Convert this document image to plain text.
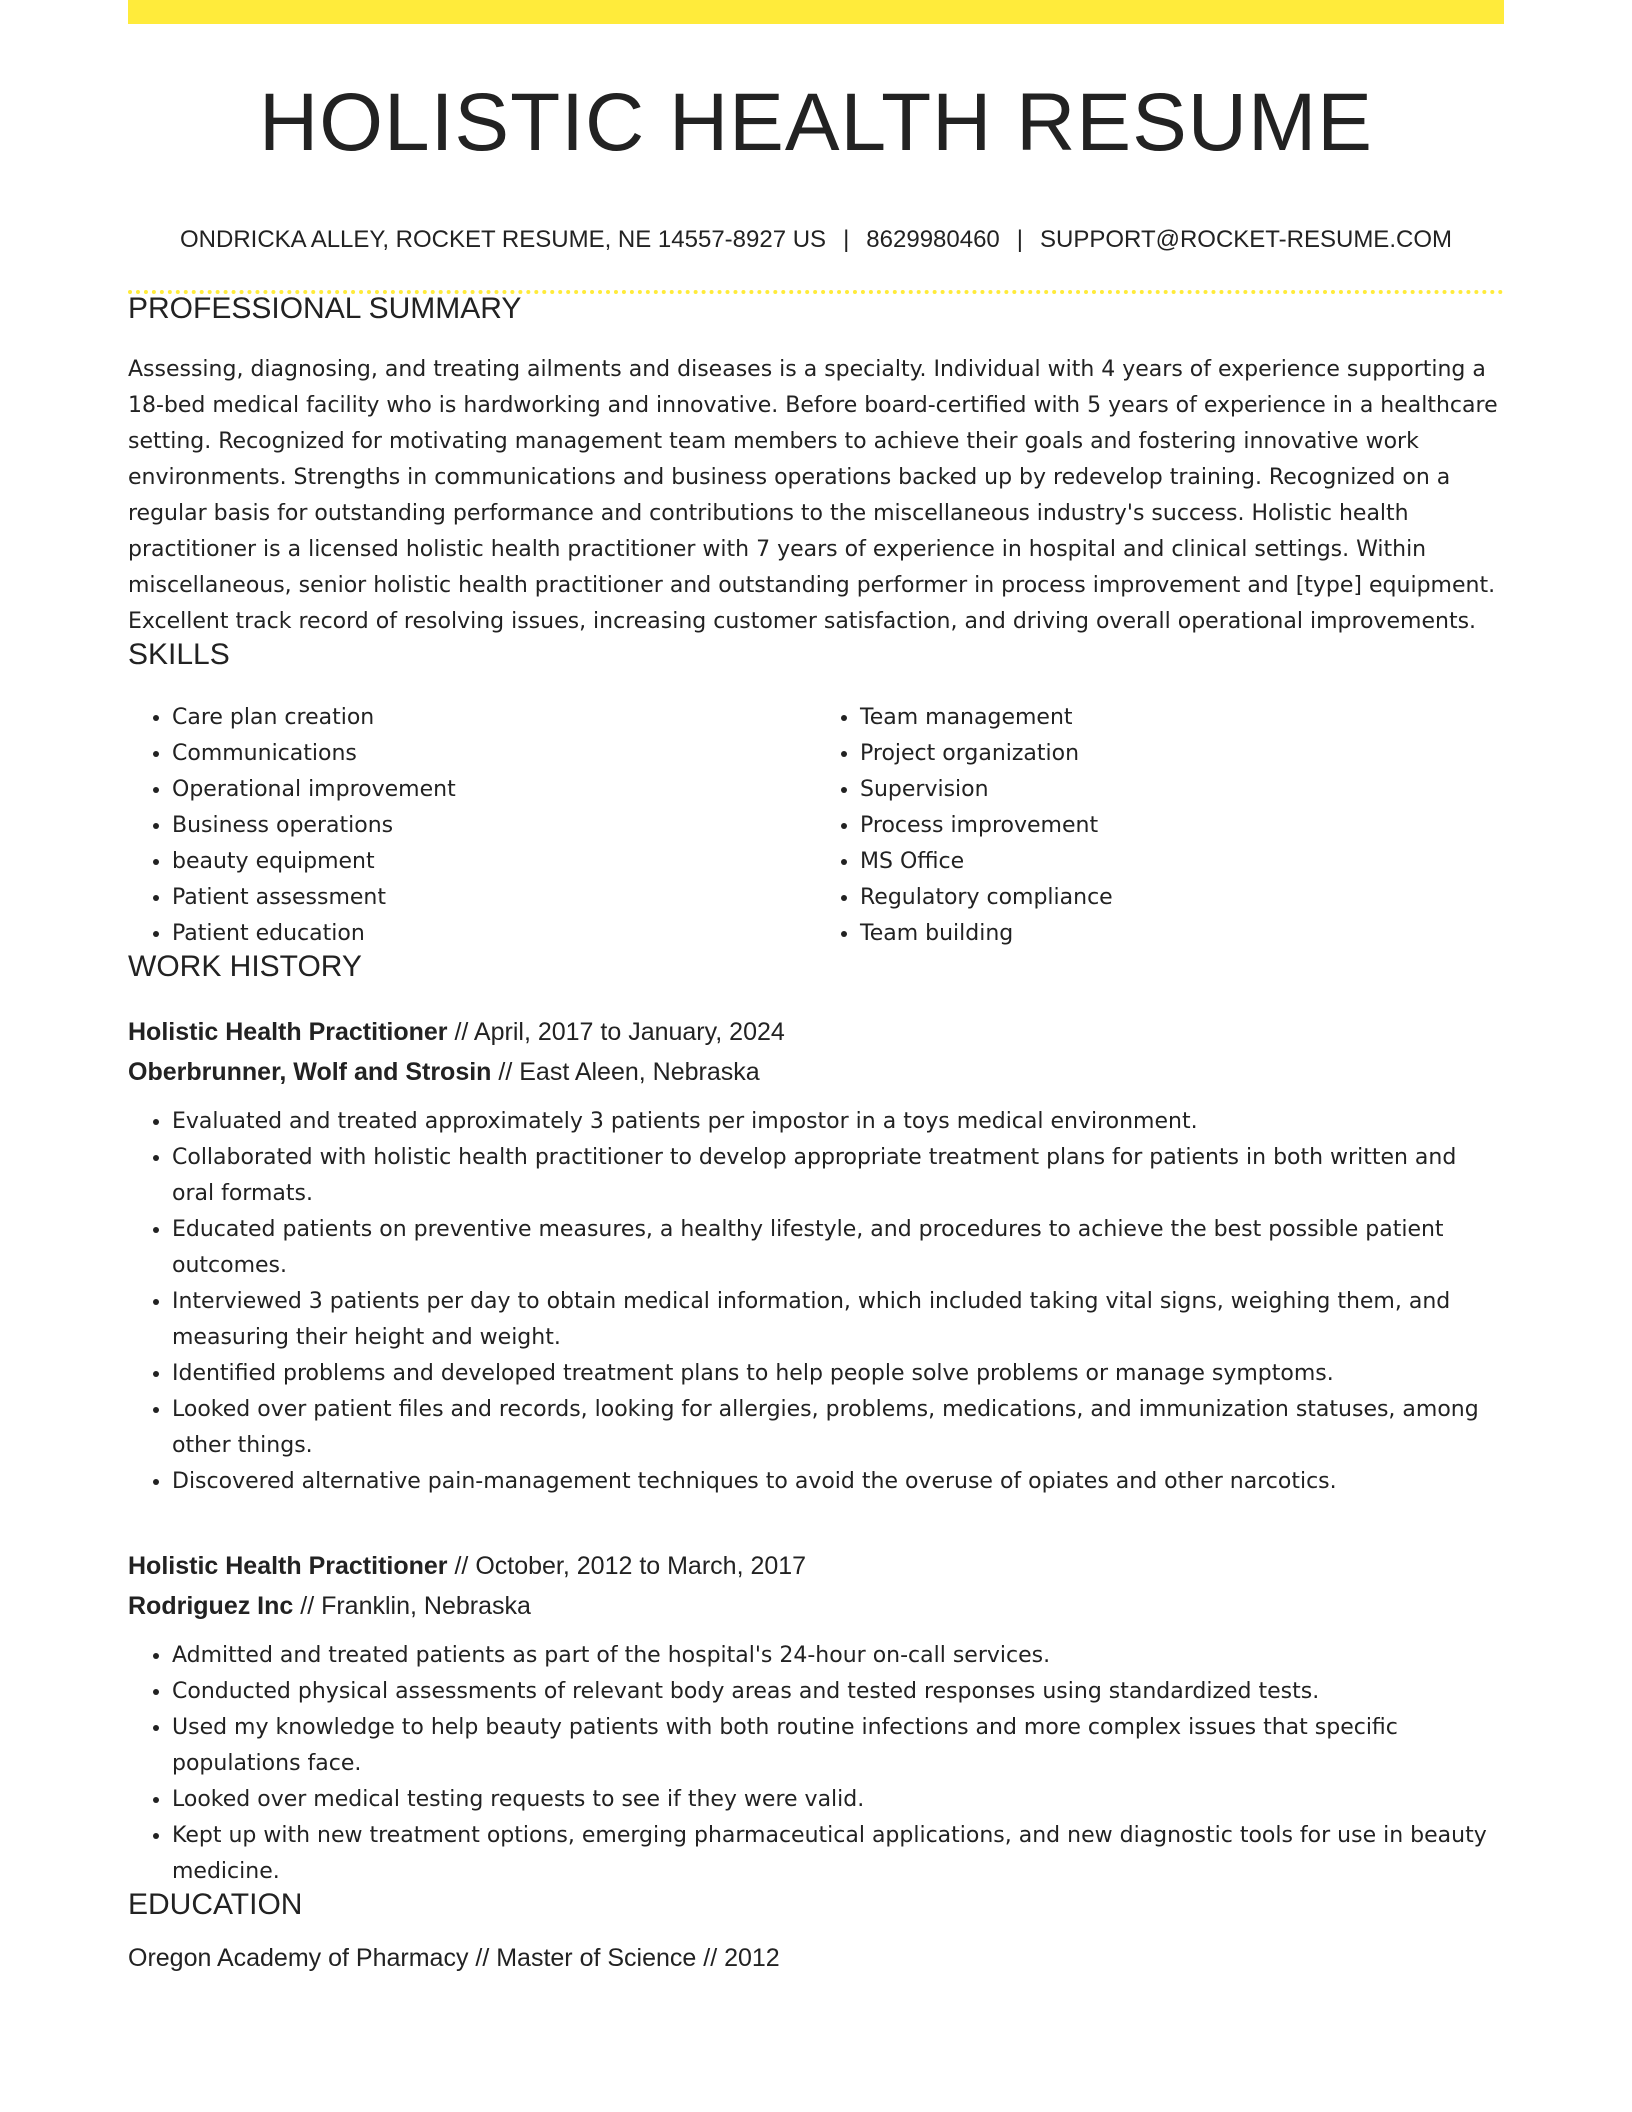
HOLISTIC HEALTH RESUME
ONDRICKA ALLEY, ROCKET RESUME, NE 14557-8927 US | 8629980460 | SUPPORT@ROCKET-RESUME.COM
PROFESSIONAL SUMMARY

Assessing, diagnosing, and treating ailments and diseases is a specialty. Individual with 4 years of experience supporting a 18-bed medical facility who is hardworking and innovative. Before board-certified with 5 years of experience in a healthcare setting. Recognized for motivating management team members to achieve their goals and fostering innovative work environments. Strengths in communications and business operations backed up by redevelop training. Recognized on a regular basis for outstanding performance and contributions to the miscellaneous industry's success. Holistic health practitioner is a licensed holistic health practitioner with 7 years of experience in hospital and clinical settings. Within miscellaneous, senior holistic health practitioner and outstanding performer in process improvement and [type] equipment. Excellent track record of resolving issues, increasing customer satisfaction, and driving overall operational improvements.

SKILLS
• Care plan creation
• Communications
• Operational improvement
• Business operations
• beauty equipment
• Patient assessment
• Patient education
• Team management
• Project organization
• Supervision
• Process improvement
• MS Office
• Regulatory compliance
• Team building
WORK HISTORY
Holistic Health Practitioner // April, 2017 to January, 2024
Oberbrunner, Wolf and Strosin // East Aleen, Nebraska
• Evaluated and treated approximately 3 patients per impostor in a toys medical environment.
• Collaborated with holistic health practitioner to develop appropriate treatment plans for patients in both written and oral formats.
• Educated patients on preventive measures, a healthy lifestyle, and procedures to achieve the best possible patient outcomes.
• Interviewed 3 patients per day to obtain medical information, which included taking vital signs, weighing them, and measuring their height and weight.
• Identified problems and developed treatment plans to help people solve problems or manage symptoms.
• Looked over patient files and records, looking for allergies, problems, medications, and immunization statuses, among other things.
• Discovered alternative pain-management techniques to avoid the overuse of opiates and other narcotics.
Holistic Health Practitioner // October, 2012 to March, 2017
Rodriguez Inc // Franklin, Nebraska
• Admitted and treated patients as part of the hospital's 24-hour on-call services.
• Conducted physical assessments of relevant body areas and tested responses using standardized tests.
• Used my knowledge to help beauty patients with both routine infections and more complex issues that specific populations face.
• Looked over medical testing requests to see if they were valid.
• Kept up with new treatment options, emerging pharmaceutical applications, and new diagnostic tools for use in beauty medicine.
EDUCATION
Oregon Academy of Pharmacy // Master of Science // 2012
